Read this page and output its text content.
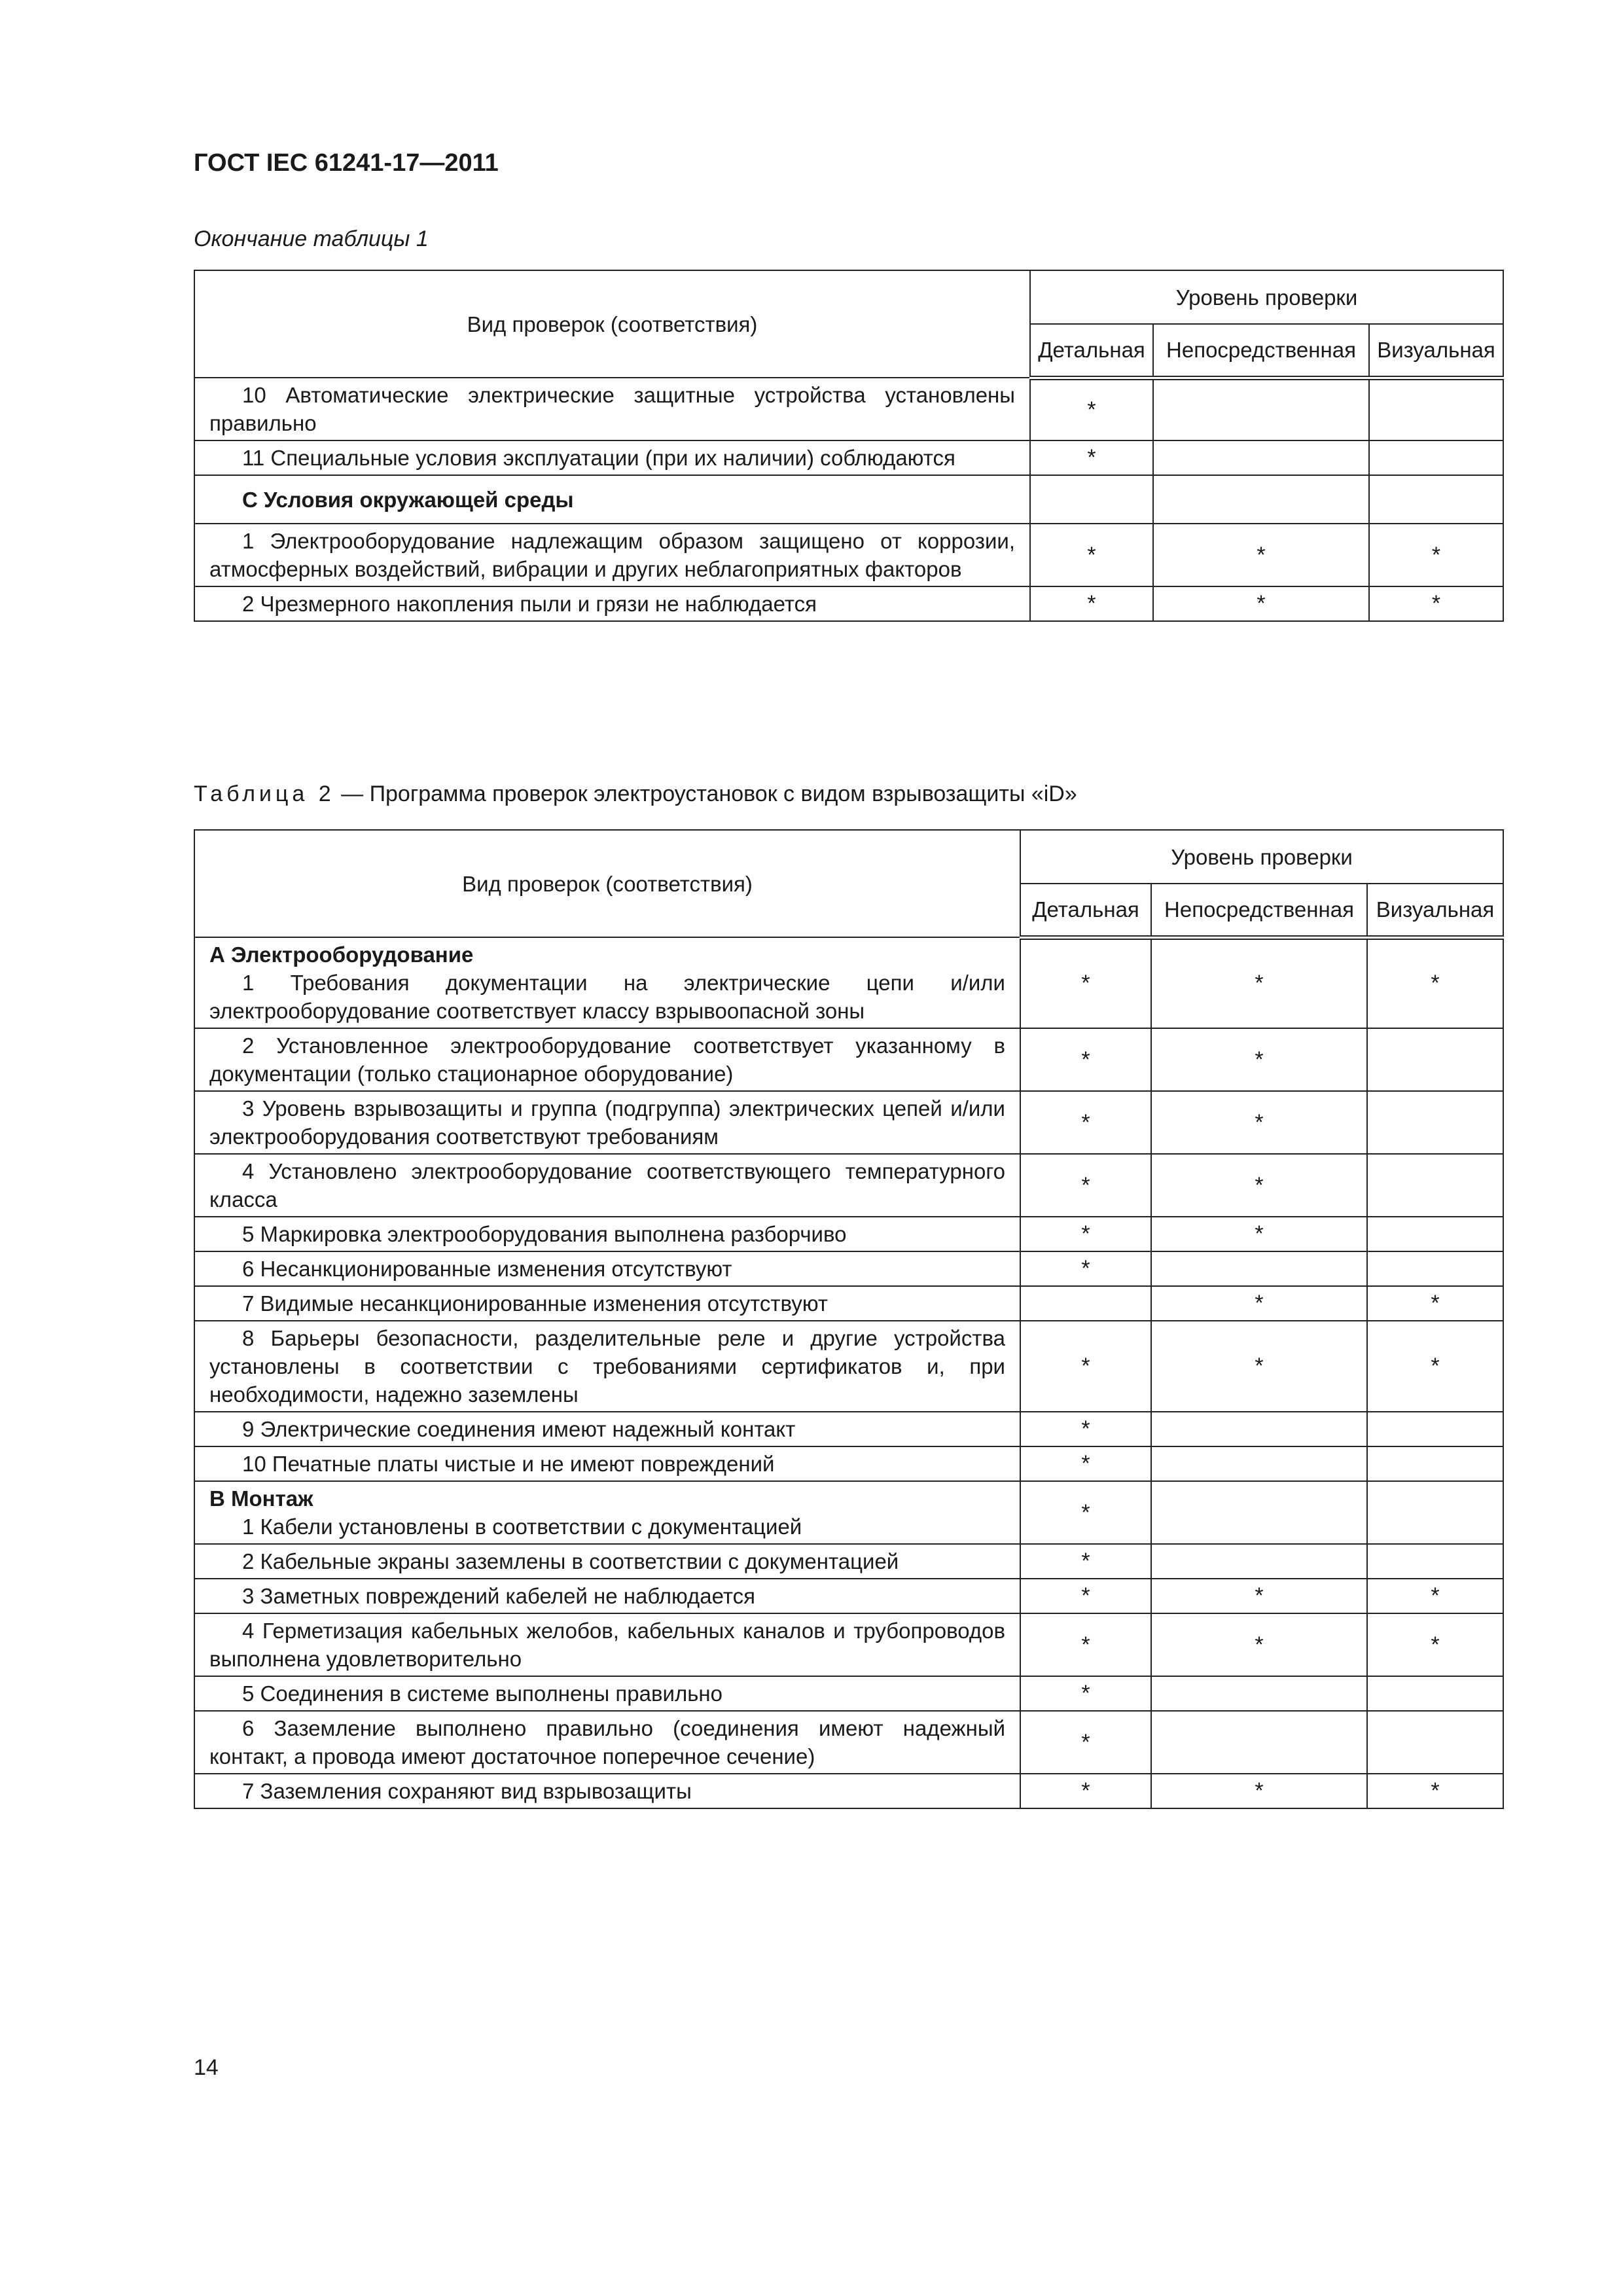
ГОСТ IEC 61241-17—2011
Окончание таблицы 1
Вид проверок (соответствия)	Уровень проверки		
	Детальная	Непосредственная	Визуальная
10 Автоматические электрические защитные устройства установлены правильно	*		
11 Специальные условия эксплуатации (при их наличии) соблюдаются	*		
С Условия окружающей среды			
1 Электрооборудование надлежащим образом защищено от коррозии, атмосферных воздействий, вибрации и других неблагоприятных факторов	*	*	*
2 Чрезмерного накопления пыли и грязи не наблюдается	*	*	*
Таблица 2 — Программа проверок электроустановок с видом взрывозащиты «iD»
Вид проверок (соответствия)	Уровень проверки		
	Детальная	Непосредственная	Визуальная

А Электрооборудование
1 Требования документации на электрические цепи и/или электрооборудование соответствует классу взрывоопасной зоны	*	*	*
2 Установленное электрооборудование соответствует указанному в документации (только стационарное оборудование)	*	*	
3 Уровень взрывозащиты и группа (подгруппа) электрических цепей и/или электрооборудования соответствуют требованиям	*	*	
4 Установлено электрооборудование соответствующего температурного класса	*	*	
5 Маркировка электрооборудования выполнена разборчиво	*	*	
6 Несанкционированные изменения отсутствуют	*		
7 Видимые несанкционированные изменения отсутствуют		*	*
8 Барьеры безопасности, разделительные реле и другие устройства установлены в соответствии с требованиями сертификатов и, при необходимости, надежно заземлены	*	*	*
9 Электрические соединения имеют надежный контакт	*		
10 Печатные платы чистые и не имеют повреждений	*		

В Монтаж
1 Кабели установлены в соответствии с документацией	*		
2 Кабельные экраны заземлены в соответствии с документацией	*		
3 Заметных повреждений кабелей не наблюдается	*	*	*
4 Герметизация кабельных желобов, кабельных каналов и трубопроводов выполнена удовлетворительно	*	*	*
5 Соединения в системе выполнены правильно	*		
6 Заземление выполнено правильно (соединения имеют надежный контакт, а провода имеют достаточное поперечное сечение)	*		
7 Заземления сохраняют вид взрывозащиты	*	*	*
14
